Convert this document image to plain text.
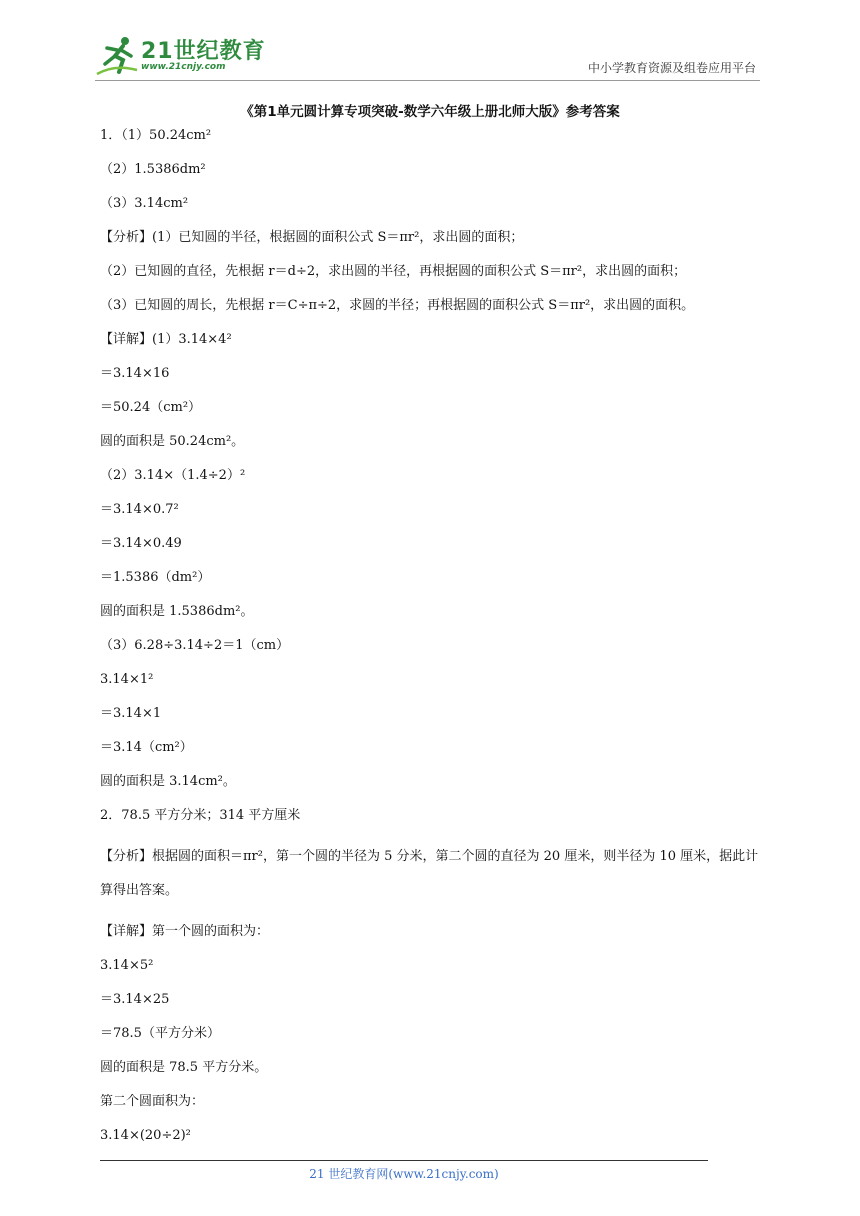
21世纪教育
www.21cnjy.com	中小学教育资源及组卷应用平台
《第1单元圆计算专项突破-数学六年级上册北师大版》参考答案
1．（1）50.24cm²
（2）1.5386dm²
（3）3.14cm²
【分析】(1）已知圆的半径，根据圆的面积公式 S＝πr²，求出圆的面积；
（2）已知圆的直径，先根据 r＝d÷2，求出圆的半径，再根据圆的面积公式 S＝πr²，求出圆的面积；
（3）已知圆的周长，先根据 r＝C÷π÷2，求圆的半径；再根据圆的面积公式 S＝πr²，求出圆的面积。
【详解】(1）3.14×4²
＝3.14×16
＝50.24（cm²）
圆的面积是 50.24cm²。
（2）3.14×（1.4÷2）²
＝3.14×0.7²
＝3.14×0.49
＝1.5386（dm²）
圆的面积是 1.5386dm²。
（3）6.28÷3.14÷2＝1（cm）
3.14×1²
＝3.14×1
＝3.14（cm²）
圆的面积是 3.14cm²。
2．78.5 平方分米；314 平方厘米
【分析】根据圆的面积＝πr²，第一个圆的半径为 5 分米，第二个圆的直径为 20 厘米，则半径为 10 厘米，据此计算得出答案。
【详解】第一个圆的面积为：
3.14×5²
＝3.14×25
＝78.5（平方分米）
圆的面积是 78.5 平方分米。
第二个圆面积为：
3.14×(20÷2)²
21 世纪教育网(www.21cnjy.com)
